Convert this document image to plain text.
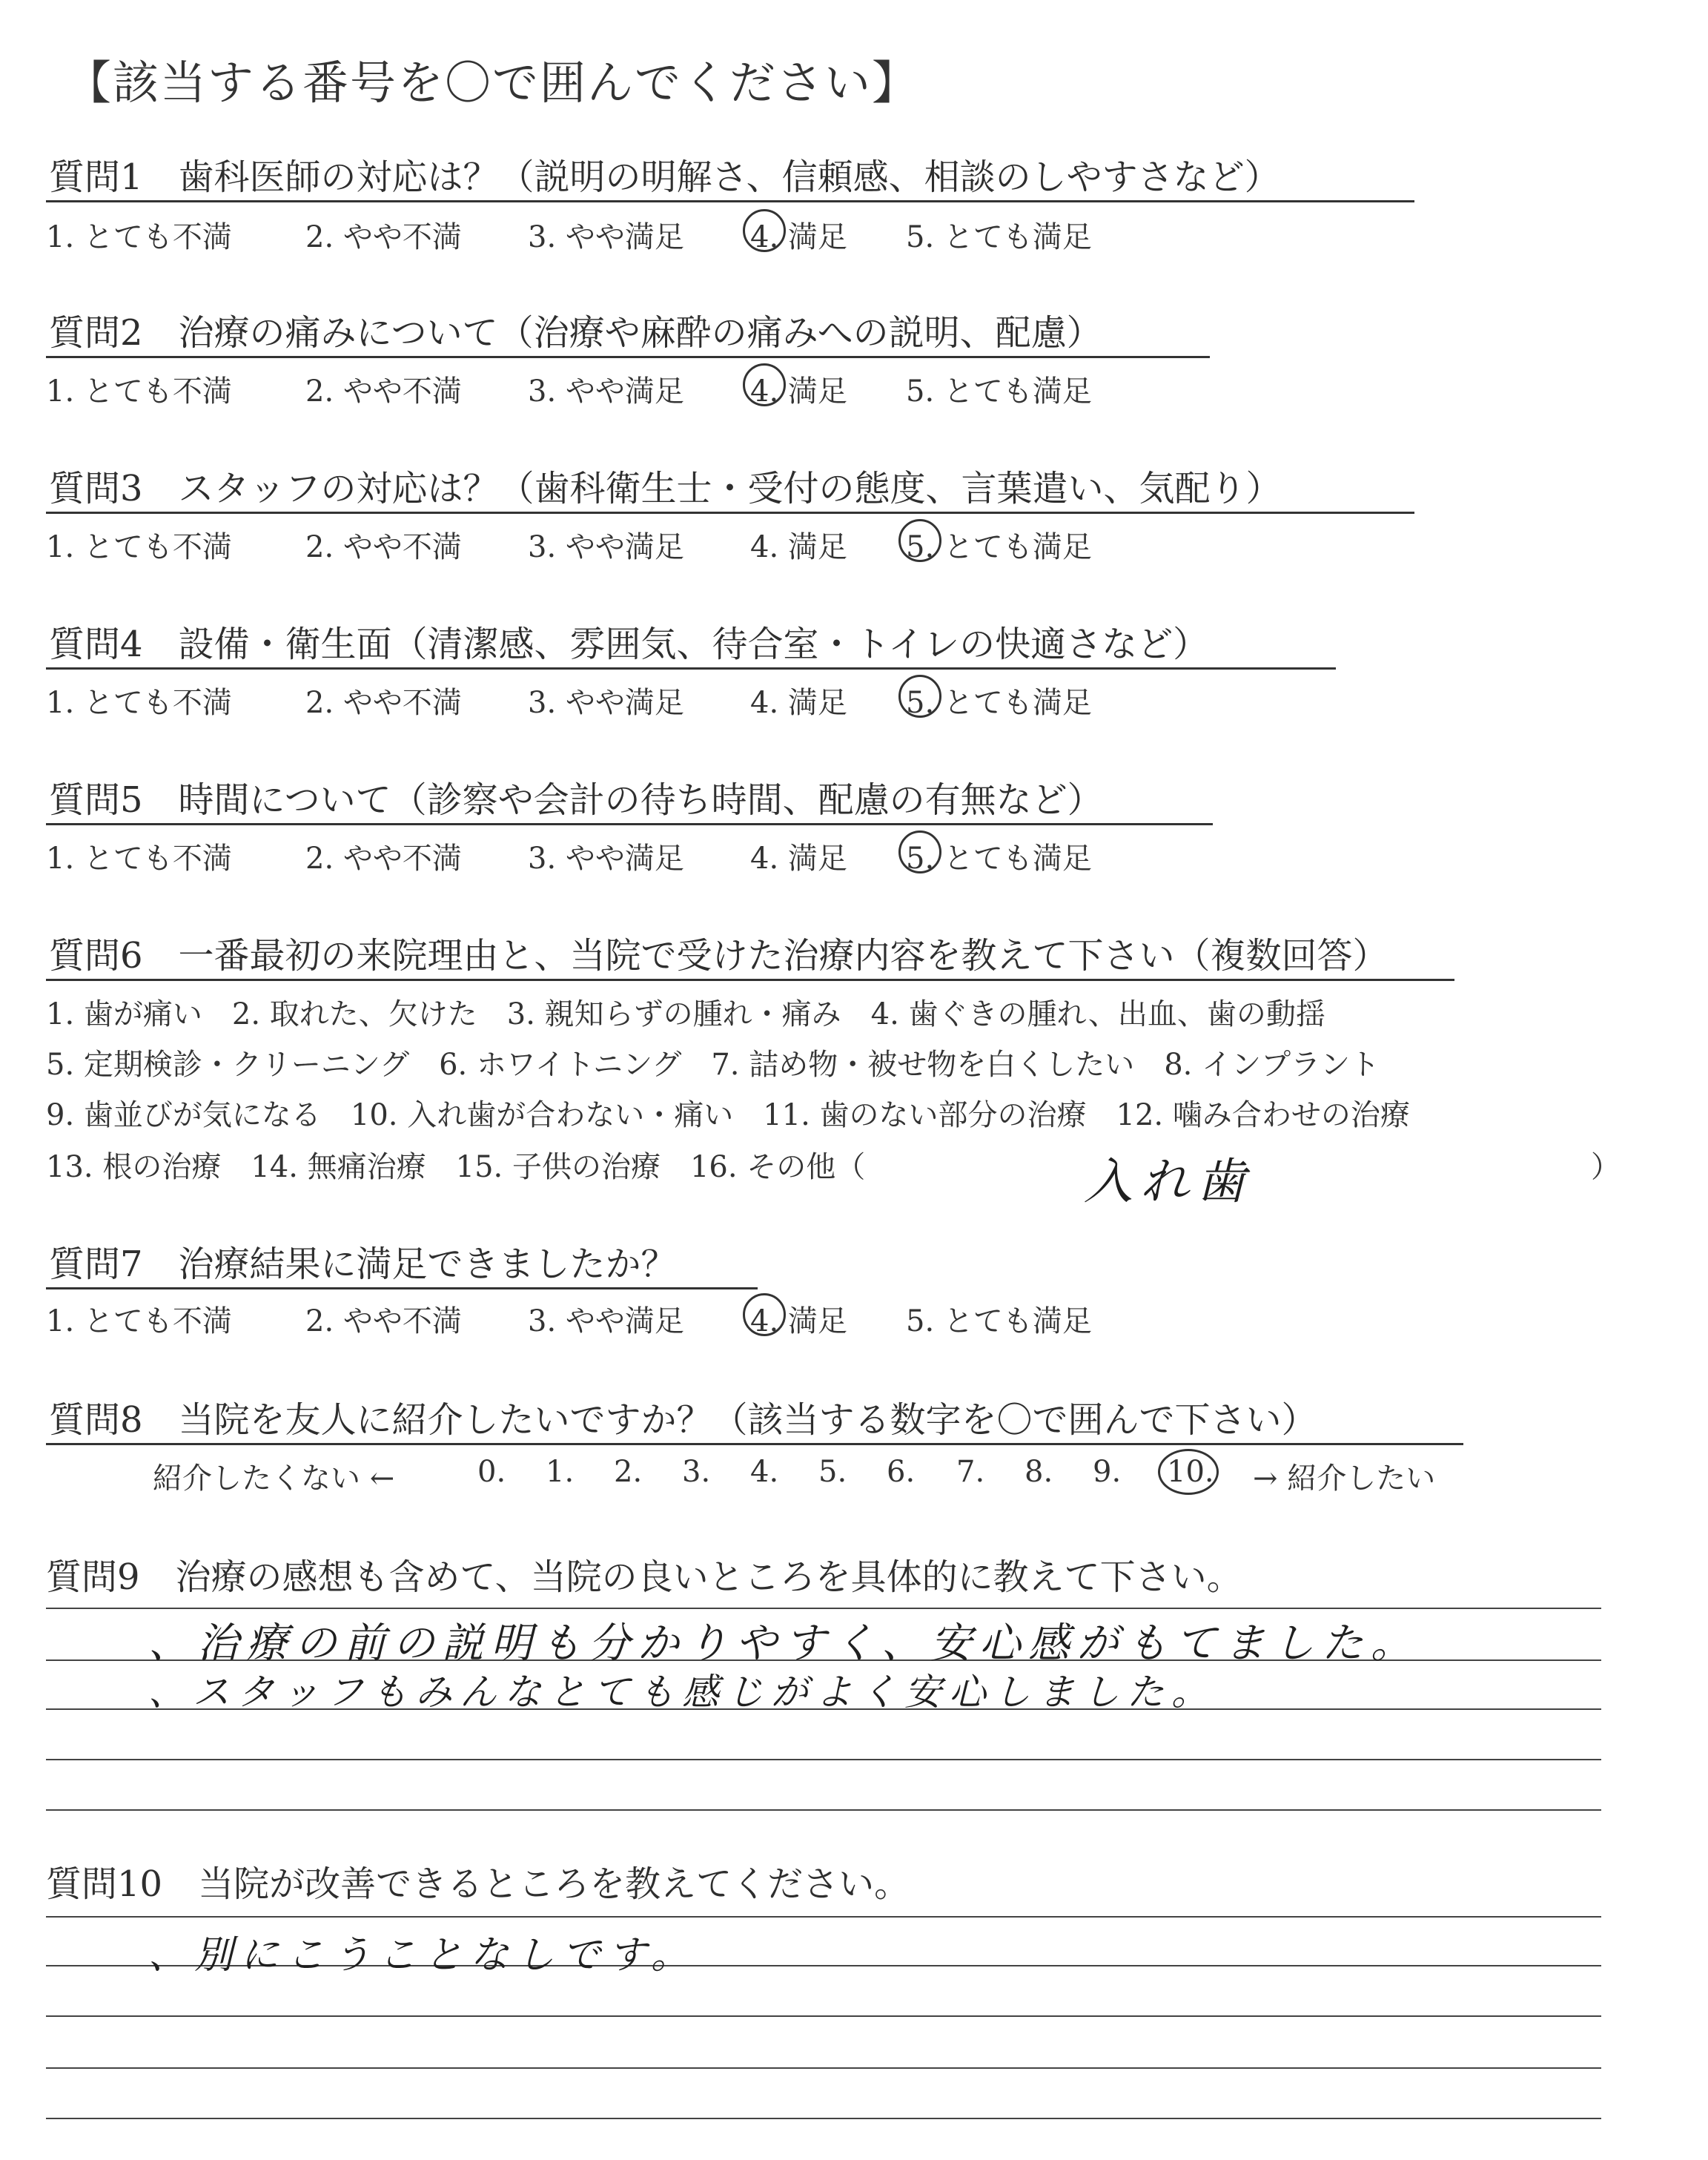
【該当する番号を〇で囲んでください】
質問1　歯科医師の対応は？（説明の明解さ、信頼感、相談のしやすさなど）
質問2　治療の痛みについて（治療や麻酔の痛みへの説明、配慮）
質問3　スタッフの対応は？（歯科衛生士・受付の態度、言葉遣い、気配り）
質問4　設備・衛生面（清潔感、雰囲気、待合室・トイレの快適さなど）
質問5　時間について（診察や会計の待ち時間、配慮の有無など）
質問6　一番最初の来院理由と、当院で受けた治療内容を教えて下さい（複数回答）
1. 歯が痛い　2. 取れた、欠けた　3. 親知らずの腫れ・痛み　4. 歯ぐきの腫れ、出血、歯の動揺
5. 定期検診・クリーニング　6. ホワイトニング　7. 詰め物・被せ物を白くしたい　8. インプラント
9. 歯並びが気になる　10. 入れ歯が合わない・痛い　11. 歯のない部分の治療　12. 噛み合わせの治療
13. 根の治療　14. 無痛治療　15. 子供の治療　16. その他（	入れ歯	）
質問7　治療結果に満足できましたか？
質問8　当院を友人に紹介したいですか？（該当する数字を〇で囲んで下さい）
紹介したくない ←	→ 紹介したい
質問9　治療の感想も含めて、当院の良いところを具体的に教えて下さい。
、治療の前の説明も分かりやすく、安心感がもてました。
、スタッフもみんなとても感じがよく安心しました。
質問10　当院が改善できるところを教えてください。
、別にこうことなしです。
1. とても不満 2. やや不満 3. やや満足 4. 満足 5. とても満足
1. とても不満 2. やや不満 3. やや満足 4. 満足 5. とても満足
1. とても不満 2. やや不満 3. やや満足 4. 満足 5. とても満足
1. とても不満 2. やや不満 3. やや満足 4. 満足 5. とても満足
1. とても不満 2. やや不満 3. やや満足 4. 満足 5. とても満足
1. とても不満 2. やや不満 3. やや満足 4. 満足 5. とても満足
0. 1. 2. 3. 4. 5. 6. 7. 8. 9. 10.
